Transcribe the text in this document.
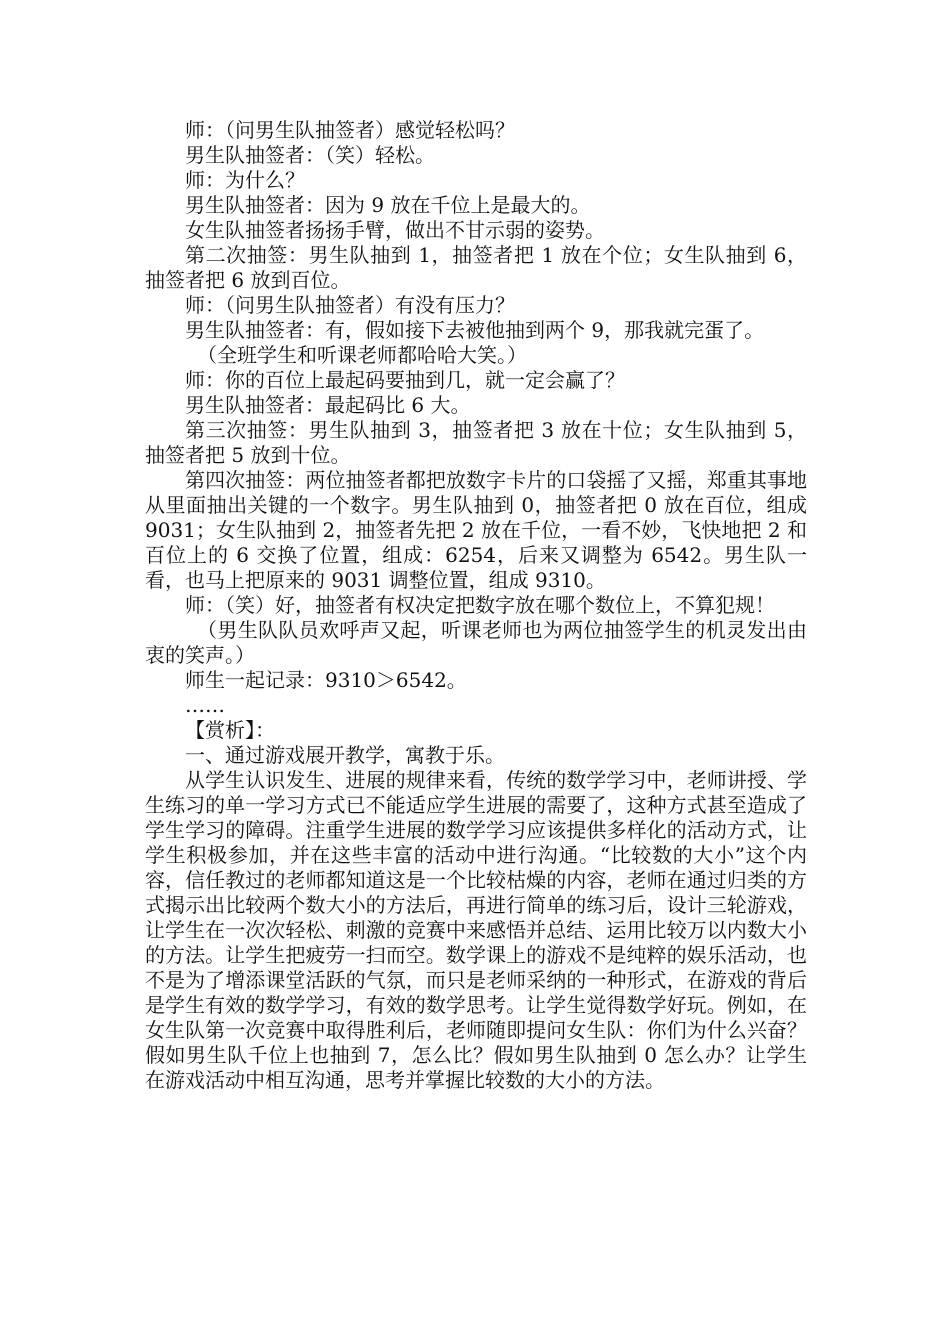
师：（问男生队抽签者）感觉轻松吗？

男生队抽签者：（笑）轻松。

师：为什么？

男生队抽签者：因为 9 放在千位上是最大的。

女生队抽签者扬扬手臂，做出不甘示弱的姿势。

第二次抽签：男生队抽到 1，抽签者把 1 放在个位；女生队抽到 6，抽签者把 6 放到百位。

师：（问男生队抽签者）有没有压力？

男生队抽签者：有，假如接下去被他抽到两个 9，那我就完蛋了。

（全班学生和听课老师都哈哈大笑。）

师：你的百位上最起码要抽到几，就一定会赢了？

男生队抽签者：最起码比 6 大。

第三次抽签：男生队抽到 3，抽签者把 3 放在十位；女生队抽到 5，抽签者把 5 放到十位。

第四次抽签：两位抽签者都把放数字卡片的口袋摇了又摇，郑重其事地从里面抽出关键的一个数字。男生队抽到 0，抽签者把 0 放在百位，组成 9031；女生队抽到 2，抽签者先把 2 放在千位，一看不妙，飞快地把 2 和百位上的 6 交换了位置，组成：6254，后来又调整为 6542。男生队一看，也马上把原来的 9031 调整位置，组成 9310。

师：（笑）好，抽签者有权决定把数字放在哪个数位上，不算犯规！

（男生队队员欢呼声又起，听课老师也为两位抽签学生的机灵发出由衷的笑声。）

师生一起记录：9310＞6542。

……

【赏析】：

一、通过游戏展开教学，寓教于乐。

从学生认识发生、进展的规律来看，传统的数学学习中，老师讲授、学生练习的单一学习方式已不能适应学生进展的需要了，这种方式甚至造成了学生学习的障碍。注重学生进展的数学学习应该提供多样化的活动方式，让学生积极参加，并在这些丰富的活动中进行沟通。“比较数的大小”这个内容，信任教过的老师都知道这是一个比较枯燥的内容，老师在通过归类的方式揭示出比较两个数大小的方法后，再进行简单的练习后，设计三轮游戏，让学生在一次次轻松、刺激的竞赛中来感悟并总结、运用比较万以内数大小的方法。让学生把疲劳一扫而空。数学课上的游戏不是纯粹的娱乐活动，也不是为了增添课堂活跃的气氛，而只是老师采纳的一种形式，在游戏的背后是学生有效的数学学习，有效的数学思考。让学生觉得数学好玩。例如，在女生队第一次竞赛中取得胜利后，老师随即提问女生队：你们为什么兴奋？假如男生队千位上也抽到 7，怎么比？假如男生队抽到 0 怎么办？让学生在游戏活动中相互沟通，思考并掌握比较数的大小的方法。
